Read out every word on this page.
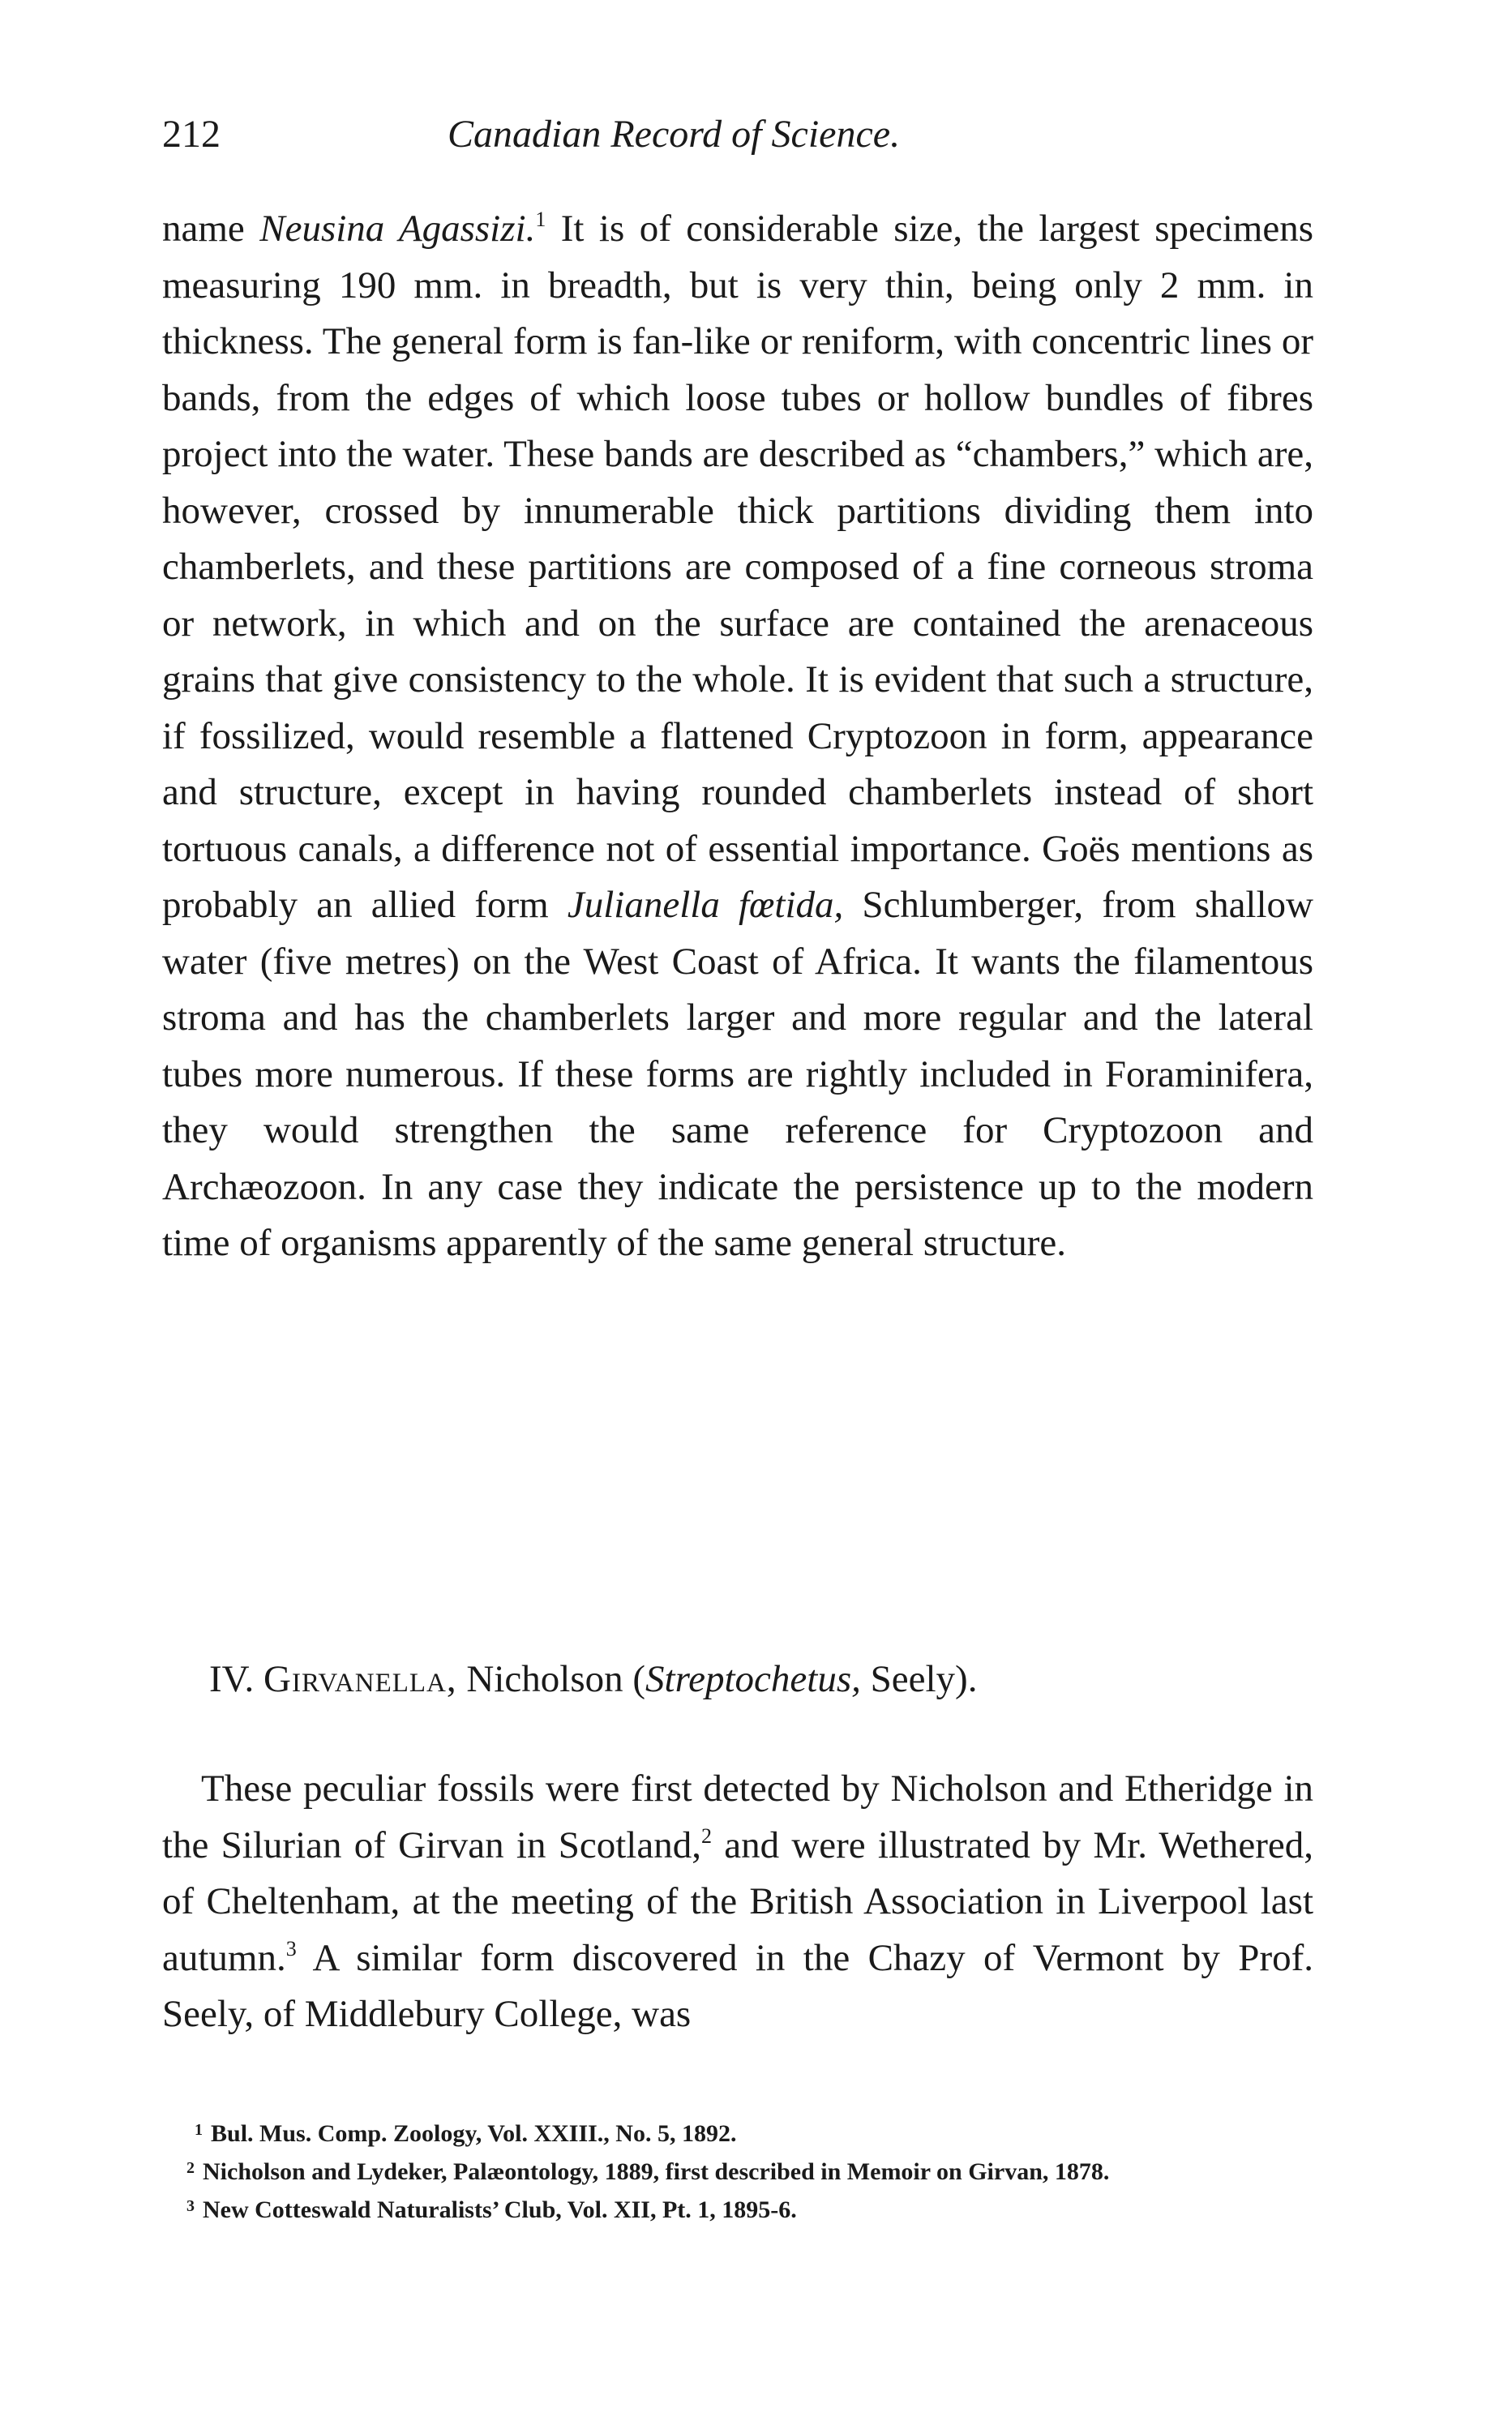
212	Canadian Record of Science.

name Neusina Agassizi.$^1$ It is of considerable size, the largest specimens measuring 190 mm. in breadth, but is very thin, being only 2 mm. in thickness. The general form is fan-like or reniform, with concentric lines or bands, from the edges of which loose tubes or hollow bundles of fibres project into the water. These bands are described as “chambers,” which are, however, crossed by innumerable thick partitions dividing them into chamberlets, and these partitions are composed of a fine corneous stroma or network, in which and on the surface are contained the arenaceous grains that give consistency to the whole. It is evident that such a structure, if fossilized, would resemble a flattened Cryptozoon in form, appearance and structure, except in having rounded chamberlets instead of short tortuous canals, a difference not of essential importance. Goës mentions as probably an allied form Julianella fœtida, Schlumberger, from shallow water (five metres) on the West Coast of Africa. It wants the filamentous stroma and has the chamberlets larger and more regular and the lateral tubes more numerous. If these forms are rightly included in Foraminifera, they would strengthen the same reference for Cryptozoon and Archæozoon. In any case they indicate the persistence up to the modern time of organisms apparently of the same general structure.

IV. Girvanella, Nicholson (Streptochetus, Seely).

These peculiar fossils were first detected by Nicholson and Etheridge in the Silurian of Girvan in Scotland,$^2$ and were illustrated by Mr. Wethered, of Cheltenham, at the meeting of the British Association in Liverpool last autumn.$^3$ A similar form discovered in the Chazy of Vermont by Prof. Seely, of Middlebury College, was

$^1$ Bul. Mus. Comp. Zoology, Vol. XXIII., No. 5, 1892.

$^2$ Nicholson and Lydeker, Palæontology, 1889, first described in Memoir on Girvan, 1878.

$^3$ New Cotteswald Naturalists’ Club, Vol. XII, Pt. 1, 1895-6.
